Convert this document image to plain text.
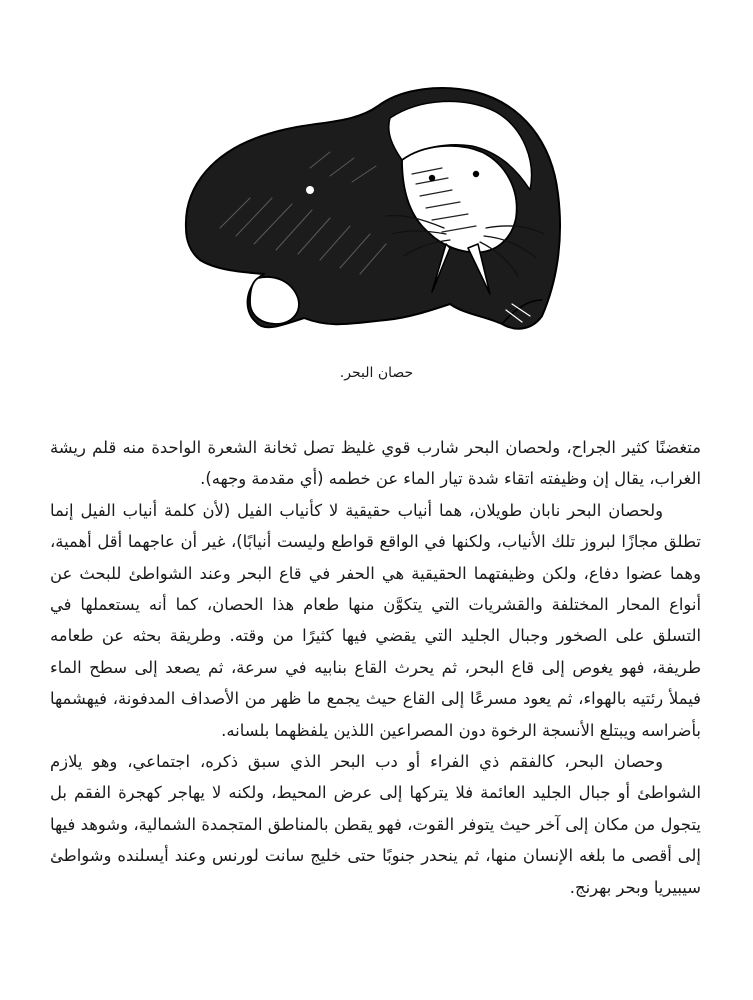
حصان البحر.

متغضنًا كثير الجراح، ولحصان البحر شارب قوي غليظ تصل ثخانة الشعرة الواحدة منه قلم ريشة الغراب، يقال إن وظيفته اتقاء شدة تيار الماء عن خطمه (أي مقدمة وجهه).

ولحصان البحر نابان طويلان، هما أنياب حقيقية لا كأنياب الفيل (لأن كلمة أنياب الفيل إنما تطلق مجازًا لبروز تلك الأنياب، ولكنها في الواقع قواطع وليست أنيابًا)، غير أن عاجهما أقل أهمية، وهما عضوا دفاع، ولكن وظيفتهما الحقيقية هي الحفر في قاع البحر وعند الشواطئ للبحث عن أنواع المحار المختلفة والقشريات التي يتكوَّن منها طعام هذا الحصان، كما أنه يستعملها في التسلق على الصخور وجبال الجليد التي يقضي فيها كثيرًا من وقته. وطريقة بحثه عن طعامه طريفة، فهو يغوص إلى قاع البحر، ثم يحرث القاع بنابيه في سرعة، ثم يصعد إلى سطح الماء فيملأ رئتيه بالهواء، ثم يعود مسرعًا إلى القاع حيث يجمع ما ظهر من الأصداف المدفونة، فيهشمها بأضراسه ويبتلع الأنسجة الرخوة دون المصراعين اللذين يلفظهما بلسانه.

وحصان البحر، كالفقم ذي الفراء أو دب البحر الذي سبق ذكره، اجتماعي، وهو يلازم الشواطئ أو جبال الجليد العائمة فلا يتركها إلى عرض المحيط، ولكنه لا يهاجر كهجرة الفقم بل يتجول من مكان إلى آخر حيث يتوفر القوت، فهو يقطن بالمناطق المتجمدة الشمالية، وشوهد فيها إلى أقصى ما بلغه الإنسان منها، ثم ينحدر جنوبًا حتى خليج سانت لورنس وعند أيسلنده وشواطئ سيبيريا وبحر بهرنج.
